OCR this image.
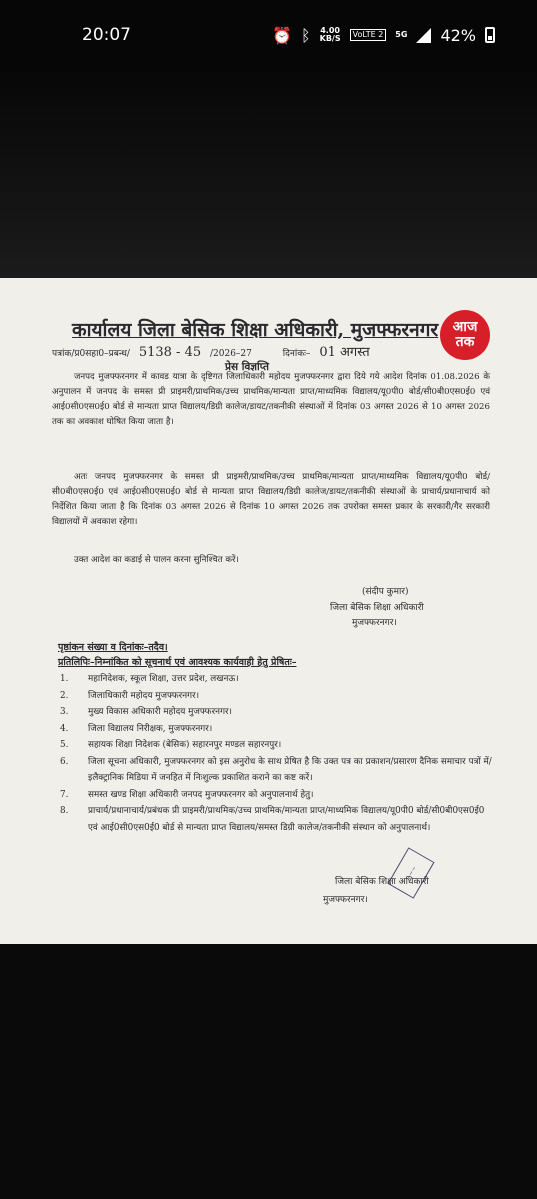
20:07	⏰ ᛒ 4.00
KB/S	VoLTE 2	5G 42%
आज
तक
कार्यालय जिला बेसिक शिक्षा अधिकारी, मुजफ्फरनगर
पत्रांक/प्र0सहा0–प्रबन्ध/ 5138 - 45 /2026–27	दिनांकः– 01 अगस्त
प्रेस विज्ञप्ति

जनपद मुजफ्फरनगर में कावड यात्रा के दृष्टिगत जिलाधिकारी महोदय मुजफ्फरनगर द्वारा दिये गये आदेश दिनांक 01.08.2026 के अनुपालन में जनपद के समस्त प्री प्राइमरी/प्राथमिक/उच्च प्राथमिक/मान्यता प्राप्त/माध्यमिक विद्यालय/यू0पी0 बोर्ड/सी0बी0एस0ई0 एवं आई0सी0एस0ई0 बोर्ड से मान्यता प्राप्त विद्यालय/डिग्री कालेज/डायट/तकनीकी संस्थाओं में दिनांक 03 अगस्त 2026 से 10 अगस्त 2026 तक का अवकाश घोषित किया जाता है।

अतः जनपद मुजफ्फरनगर के समस्त प्री प्राइमरी/प्राथमिक/उच्च प्राथमिक/मान्यता प्राप्त/माध्यमिक विद्यालय/यू0पी0 बोर्ड/सी0बी0एस0ई0 एवं आई0सी0एस0ई0 बोर्ड से मान्यता प्राप्त विद्यालय/डिग्री कालेज/डायट/तकनीकी संस्थाओं के प्राचार्य/प्रधानाचार्य को निर्देशित किया जाता है कि दिनांक 03 अगस्त 2026 से दिनांक 10 अगस्त 2026 तक उपरोक्त समस्त प्रकार के सरकारी/गैर सरकारी विद्यालयों में अवकाश रहेगा।

उक्त आदेश का कडाई से पालन करना सुनिश्चित करें।

(संदीप कुमार)
जिला बेसिक शिक्षा अधिकारी
मुजफ्फरनगर।
पृष्ठांकन संख्या व दिनांकः–तदैव।
प्रतिलिपिः–निम्नांकित को सूचनार्थ एवं आवश्यक कार्यवाही हेतु प्रेषितः–
1. महानिदेशक, स्कूल शिक्षा, उत्तर प्रदेश, लखनऊ।
2. जिलाधिकारी महोदय मुजफ्फरनगर।
3. मुख्य विकास अधिकारी महोदय मुजफ्फरनगर।
4. जिला विद्यालय निरीक्षक, मुजफ्फरनगर।
5. सहायक शिक्षा निदेशक (बेसिक) सहारनपुर मण्डल सहारनपुर।
6. जिला सूचना अधिकारी, मुजफ्फरनगर को इस अनुरोध के साथ प्रेषित है कि उक्त पत्र का प्रकाशन/प्रसारण दैनिक समाचार पत्रों में/इलैक्ट्रानिक मिडिया में जनहित में निःशुल्क प्रकाशित कराने का कष्ट करें।
7. समस्त खण्ड शिक्षा अधिकारी जनपद मुजफ्फरनगर को अनुपालनार्थ हेतु।
8. प्राचार्य/प्रधानाचार्य/प्रबंधक प्री प्राइमरी/प्राथमिक/उच्च प्राथमिक/मान्यता प्राप्त/माध्यमिक विद्यालय/यू0पी0 बोर्ड/सी0बी0एस0ई0 एवं आई0सी0एस0ई0 बोर्ड से मान्यता प्राप्त विद्यालय/समस्त डिग्री कालेज/तकनीकी संस्थान को अनुपालनार्थ।
~~~
जिला बेसिक शिक्षा अधिकारी
मुजफ्फरनगर।
